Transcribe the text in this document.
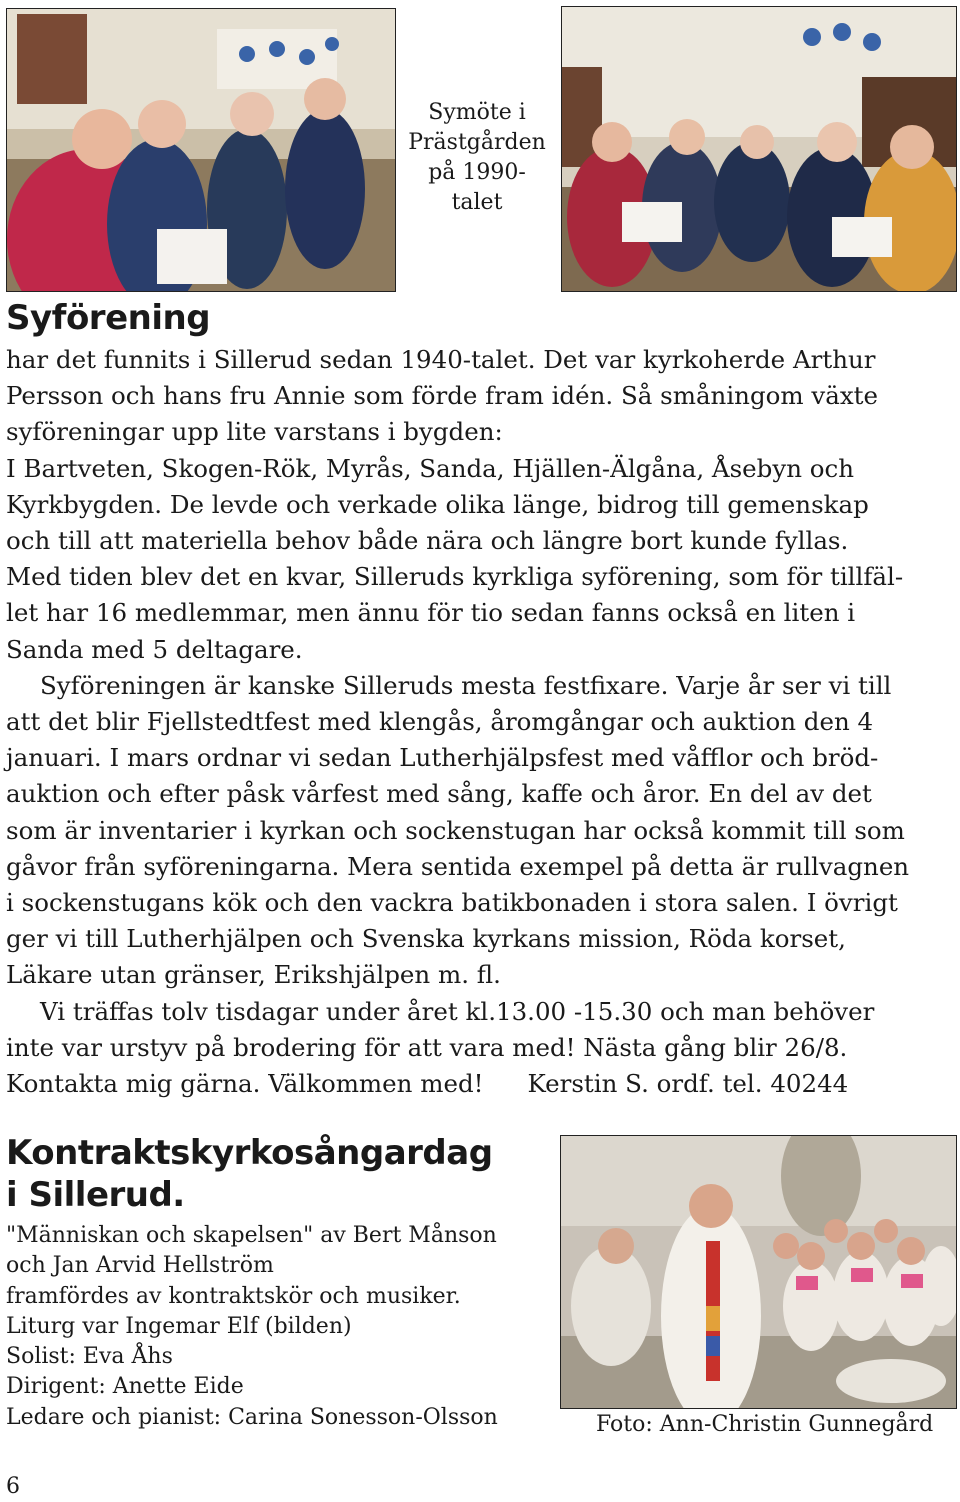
Symöte i
Prästgården
på 1990-
talet
Syförening

har det funnits i Sillerud sedan 1940-talet. Det var kyrkoherde Arthur

Persson och hans fru Annie som förde fram idén. Så småningom växte

syföreningar upp lite varstans i bygden:

I Bartveten, Skogen-Rök, Myrås, Sanda, Hjällen-Älgåna, Åsebyn och

Kyrkbygden. De levde och verkade olika länge, bidrog till gemenskap

och till att materiella behov både nära och längre bort kunde fyllas.

Med tiden blev det en kvar, Silleruds kyrkliga syförening, som för tillfäl-

let har 16 medlemmar, men ännu för tio sedan fanns också en liten i

Sanda med 5 deltagare.

Syföreningen är kanske Silleruds mesta festfixare. Varje år ser vi till

att det blir Fjellstedtfest med klengås, åromgångar och auktion den 4

januari. I mars ordnar vi sedan Lutherhjälpsfest med våfflor och bröd-

auktion och efter påsk vårfest med sång, kaffe och åror. En del av det

som är inventarier i kyrkan och sockenstugan har också kommit till som

gåvor från syföreningarna. Mera sentida exempel på detta är rullvagnen

i sockenstugans kök och den vackra batikbonaden i stora salen. I övrigt

ger vi till Lutherhjälpen och Svenska kyrkans mission, Röda korset,

Läkare utan gränser, Erikshjälpen m. fl.

Vi träffas tolv tisdagar under året kl.13.00 -15.30 och man behöver

inte var urstyv på brodering för att vara med! Nästa gång blir 26/8.

Kontakta mig gärna. Välkommen med! Kerstin S. ordf. tel. 40244

Kontraktskyrkosångardag
i Sillerud.

"Människan och skapelsen" av Bert Månson

och Jan Arvid Hellström

framfördes av kontraktskör och musiker.

Liturg var Ingemar Elf (bilden)

Solist: Eva Åhs

Dirigent: Anette Eide

Ledare och pianist: Carina Sonesson-Olsson	Foto: Ann-Christin Gunnegård
6
